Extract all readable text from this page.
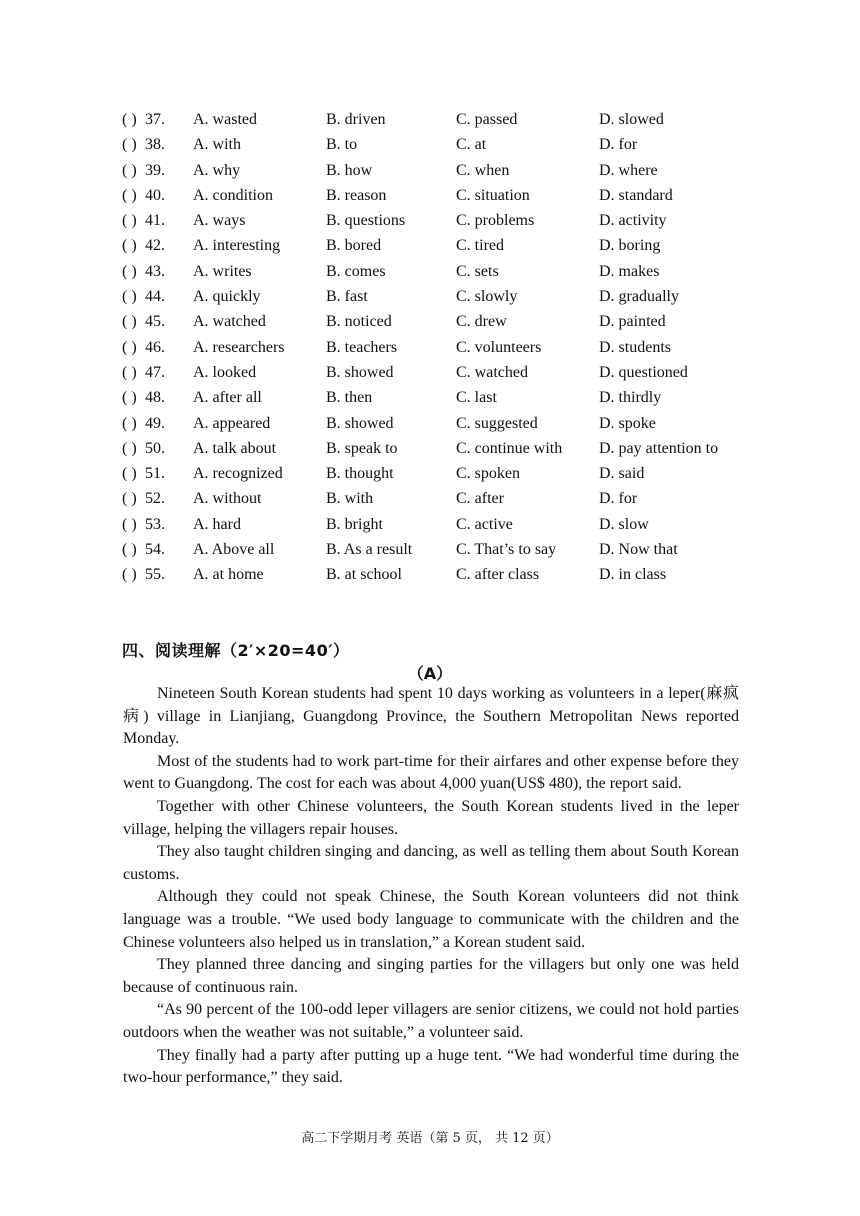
( ) 37. A. wasted	B. driven	C. passed	D. slowed
( ) 38. A. with	B. to	C. at	D. for
( ) 39. A. why	B. how	C. when	D. where
( ) 40. A. condition	B. reason	C. situation	D. standard
( ) 41. A. ways	B. questions	C. problems	D. activity
( ) 42. A. interesting	B. bored	C. tired	D. boring
( ) 43. A. writes	B. comes	C. sets	D. makes
( ) 44. A. quickly	B. fast	C. slowly	D. gradually
( ) 45. A. watched	B. noticed	C. drew	D. painted
( ) 46. A. researchers	B. teachers	C. volunteers	D. students
( ) 47. A. looked	B. showed	C. watched	D. questioned
( ) 48. A. after all	B. then	C. last	D. thirdly
( ) 49. A. appeared	B. showed	C. suggested	D. spoke
( ) 50. A. talk about	B. speak to	C. continue with D. pay attention to
( ) 51. A. recognized	B. thought	C. spoken	D. said
( ) 52. A. without	B. with	C. after	D. for
( ) 53. A. hard	B. bright	C. active	D. slow
( ) 54. A. Above all	B. As a result	C. That’s to say	D. Now that
( ) 55. A. at home	B. at school	C. after class	D. in class
四、阅读理解（2′×20=40′）
（A）

Nineteen South Korean students had spent 10 days working as volunteers in a leper(麻疯病) village in Lianjiang, Guangdong Province, the Southern Metropolitan News reported Monday.

Most of the students had to work part-time for their airfares and other expense before they went to Guangdong. The cost for each was about 4,000 yuan(US$ 480), the report said.

Together with other Chinese volunteers, the South Korean students lived in the leper village, helping the villagers repair houses.

They also taught children singing and dancing, as well as telling them about South Korean customs.

Although they could not speak Chinese, the South Korean volunteers did not think language was a trouble. “We used body language to communicate with the children and the Chinese volunteers also helped us in translation,” a Korean student said.

They planned three dancing and singing parties for the villagers but only one was held because of continuous rain.

“As 90 percent of the 100-odd leper villagers are senior citizens, we could not hold parties outdoors when the weather was not suitable,” a volunteer said.

They finally had a party after putting up a huge tent. “We had wonderful time during the two-hour performance,” they said.

高二下学期月考 英语（第 5 页， 共 12 页）
